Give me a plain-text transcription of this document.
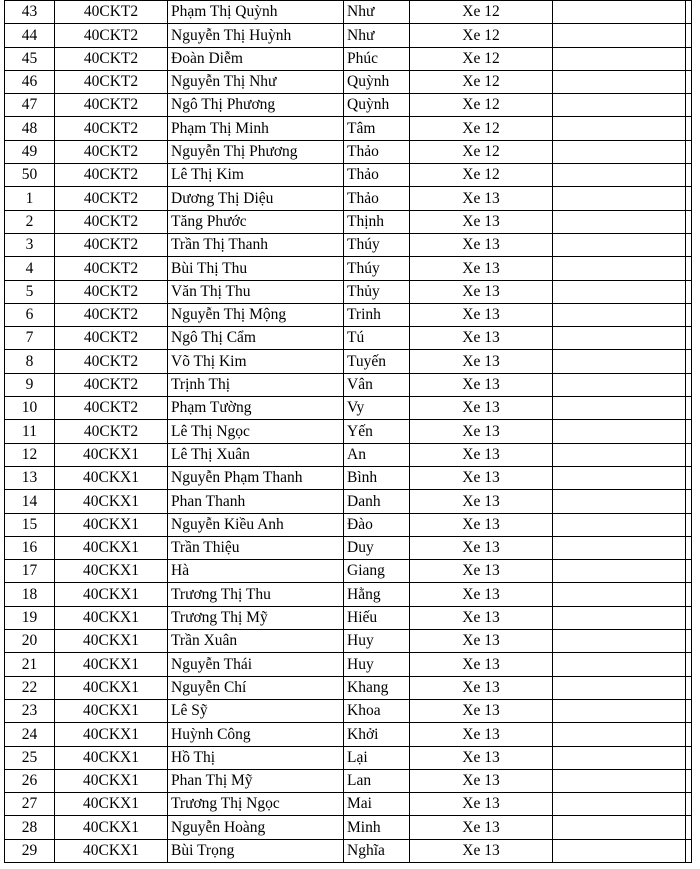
43	40CKT2	Phạm Thị Quỳnh	Như	Xe 12		
44	40CKT2	Nguyễn Thị Huỳnh	Như	Xe 12		
45	40CKT2	Đoàn Diễm	Phúc	Xe 12		
46	40CKT2	Nguyễn Thị Như	Quỳnh	Xe 12		
47	40CKT2	Ngô Thị Phương	Quỳnh	Xe 12		
48	40CKT2	Phạm Thị Minh	Tâm	Xe 12		
49	40CKT2	Nguyễn Thị Phương	Thảo	Xe 12		
50	40CKT2	Lê Thị Kim	Thảo	Xe 12		
1	40CKT2	Dương Thị Diệu	Thảo	Xe 13		
2	40CKT2	Tăng Phước	Thịnh	Xe 13		
3	40CKT2	Trần Thị Thanh	Thúy	Xe 13		
4	40CKT2	Bùi Thị Thu	Thúy	Xe 13		
5	40CKT2	Văn Thị Thu	Thủy	Xe 13		
6	40CKT2	Nguyễn Thị Mộng	Trinh	Xe 13		
7	40CKT2	Ngô Thị Cẩm	Tú	Xe 13		
8	40CKT2	Võ Thị Kim	Tuyến	Xe 13		
9	40CKT2	Trịnh Thị	Vân	Xe 13		
10	40CKT2	Phạm Tường	Vy	Xe 13		
11	40CKT2	Lê Thị Ngọc	Yến	Xe 13		
12	40CKX1	Lê Thị Xuân	An	Xe 13		
13	40CKX1	Nguyễn Phạm Thanh	Bình	Xe 13		
14	40CKX1	Phan Thanh	Danh	Xe 13		
15	40CKX1	Nguyễn Kiều Anh	Đào	Xe 13		
16	40CKX1	Trần Thiệu	Duy	Xe 13		
17	40CKX1	Hà	Giang	Xe 13		
18	40CKX1	Trương Thị Thu	Hằng	Xe 13		
19	40CKX1	Trương Thị Mỹ	Hiếu	Xe 13		
20	40CKX1	Trần Xuân	Huy	Xe 13		
21	40CKX1	Nguyễn Thái	Huy	Xe 13		
22	40CKX1	Nguyễn Chí	Khang	Xe 13		
23	40CKX1	Lê Sỹ	Khoa	Xe 13		
24	40CKX1	Huỳnh Công	Khởi	Xe 13		
25	40CKX1	Hồ Thị	Lại	Xe 13		
26	40CKX1	Phan Thị Mỹ	Lan	Xe 13		
27	40CKX1	Trương Thị Ngọc	Mai	Xe 13		
28	40CKX1	Nguyễn Hoàng	Minh	Xe 13		
29	40CKX1	Bùi Trọng	Nghĩa	Xe 13		
